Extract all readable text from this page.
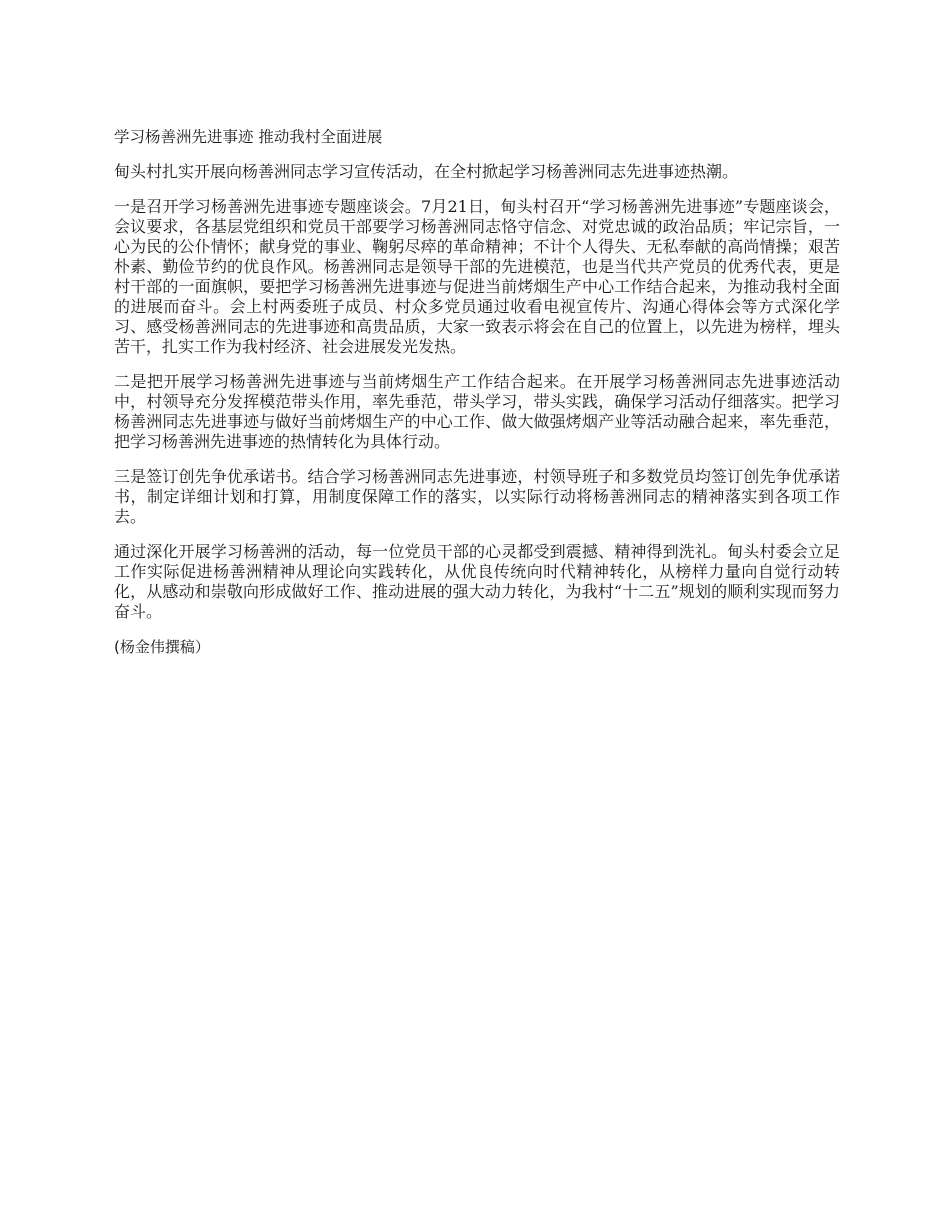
学习杨善洲先进事迹 推动我村全面进展

甸头村扎实开展向杨善洲同志学习宣传活动，在全村掀起学习杨善洲同志先进事迹热潮。

一是召开学习杨善洲先进事迹专题座谈会。7月21日，甸头村召开“学习杨善洲先进事迹”专题座谈会，会议要求，各基层党组织和党员干部要学习杨善洲同志恪守信念、对党忠诚的政治品质；牢记宗旨，一心为民的公仆情怀；献身党的事业、鞠躬尽瘁的革命精神；不计个人得失、无私奉献的高尚情操；艰苦朴素、勤俭节约的优良作风。杨善洲同志是领导干部的先进模范，也是当代共产党员的优秀代表，更是村干部的一面旗帜，要把学习杨善洲先进事迹与促进当前烤烟生产中心工作结合起来，为推动我村全面的进展而奋斗。会上村两委班子成员、村众多党员通过收看电视宣传片、沟通心得体会等方式深化学习、感受杨善洲同志的先进事迹和高贵品质，大家一致表示将会在自己的位置上，以先进为榜样，埋头苦干，扎实工作为我村经济、社会进展发光发热。

二是把开展学习杨善洲先进事迹与当前烤烟生产工作结合起来。在开展学习杨善洲同志先进事迹活动中，村领导充分发挥模范带头作用，率先垂范，带头学习，带头实践，确保学习活动仔细落实。把学习杨善洲同志先进事迹与做好当前烤烟生产的中心工作、做大做强烤烟产业等活动融合起来，率先垂范，把学习杨善洲先进事迹的热情转化为具体行动。

三是签订创先争优承诺书。结合学习杨善洲同志先进事迹，村领导班子和多数党员均签订创先争优承诺书，制定详细计划和打算，用制度保障工作的落实，以实际行动将杨善洲同志的精神落实到各项工作去。

通过深化开展学习杨善洲的活动，每一位党员干部的心灵都受到震撼、精神得到洗礼。甸头村委会立足工作实际促进杨善洲精神从理论向实践转化，从优良传统向时代精神转化，从榜样力量向自觉行动转化，从感动和崇敬向形成做好工作、推动进展的强大动力转化，为我村“十二五”规划的顺利实现而努力奋斗。

(杨金伟撰稿）
